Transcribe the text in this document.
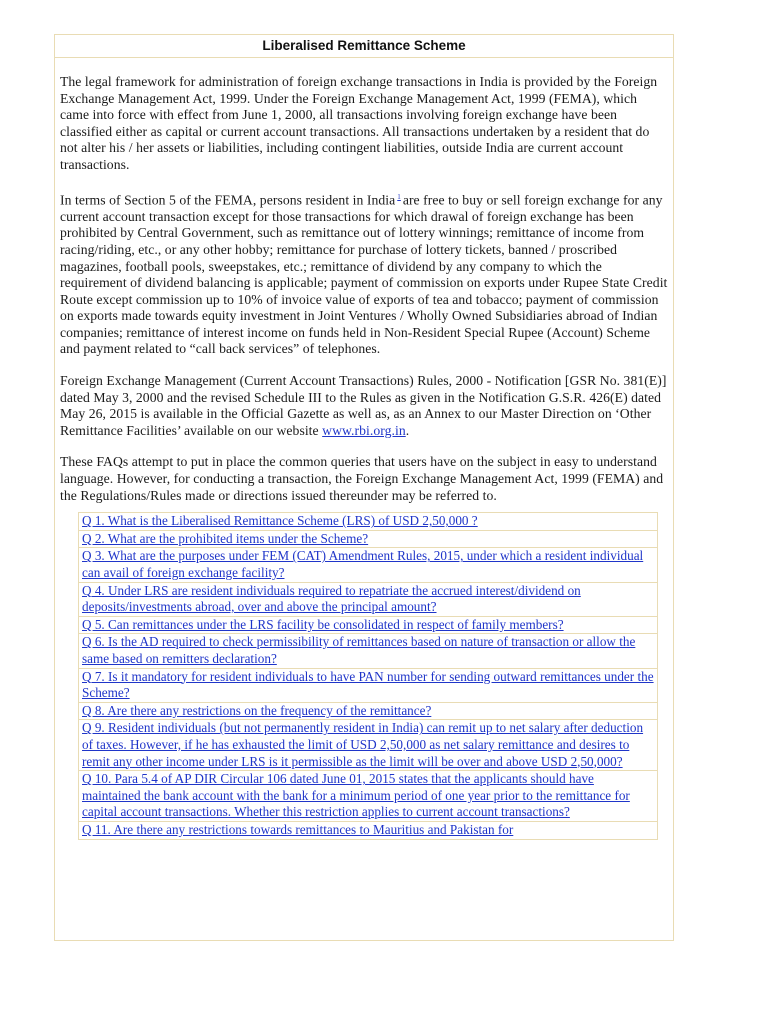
Liberalised Remittance Scheme

The legal framework for administration of foreign exchange transactions in India is provided by the Foreign Exchange Management Act, 1999. Under the Foreign Exchange Management Act, 1999 (FEMA), which came into force with effect from June 1, 2000, all transactions involving foreign exchange have been classified either as capital or current account transactions. All transactions undertaken by a resident that do not alter his / her assets or liabilities, including contingent liabilities, outside India are current account transactions.

In terms of Section 5 of the FEMA, persons resident in India $^1$ are free to buy or sell foreign exchange for any current account transaction except for those transactions for which drawal of foreign exchange has been prohibited by Central Government, such as remittance out of lottery winnings; remittance of income from racing/riding, etc., or any other hobby; remittance for purchase of lottery tickets, banned / proscribed magazines, football pools, sweepstakes, etc.; remittance of dividend by any company to which the requirement of dividend balancing is applicable; payment of commission on exports under Rupee State Credit Route except commission up to 10% of invoice value of exports of tea and tobacco; payment of commission on exports made towards equity investment in Joint Ventures / Wholly Owned Subsidiaries abroad of Indian companies; remittance of interest income on funds held in Non-Resident Special Rupee (Account) Scheme and payment related to “call back services” of telephones.

Foreign Exchange Management (Current Account Transactions) Rules, 2000 - Notification [GSR No. 381(E)] dated May 3, 2000 and the revised Schedule III to the Rules as given in the Notification G.S.R. 426(E) dated May 26, 2015 is available in the Official Gazette as well as, as an Annex to our Master Direction on ‘Other Remittance Facilities’ available on our website www.rbi.org.in.

These FAQs attempt to put in place the common queries that users have on the subject in easy to understand language. However, for conducting a transaction, the Foreign Exchange Management Act, 1999 (FEMA) and the Regulations/Rules made or directions issued thereunder may be referred to.

Q 1. What is the Liberalised Remittance Scheme (LRS) of USD 2,50,000 ?
Q 2. What are the prohibited items under the Scheme?
Q 3. What are the purposes under FEM (CAT) Amendment Rules, 2015, under which a resident individual can avail of foreign exchange facility?
Q 4. Under LRS are resident individuals required to repatriate the accrued interest/dividend on deposits/investments abroad, over and above the principal amount?
Q 5. Can remittances under the LRS facility be consolidated in respect of family members?
Q 6. Is the AD required to check permissibility of remittances based on nature of transaction or allow the same based on remitters declaration?
Q 7. Is it mandatory for resident individuals to have PAN number for sending outward remittances under the Scheme?
Q 8. Are there any restrictions on the frequency of the remittance?
Q 9. Resident individuals (but not permanently resident in India) can remit up to net salary after deduction of taxes. However, if he has exhausted the limit of USD 2,50,000 as net salary remittance and desires to remit any other income under LRS is it permissible as the limit will be over and above USD 2,50,000?
Q 10. Para 5.4 of AP DIR Circular 106 dated June 01, 2015 states that the applicants should have maintained the bank account with the bank for a minimum period of one year prior to the remittance for capital account transactions. Whether this restriction applies to current account transactions?
Q 11. Are there any restrictions towards remittances to Mauritius and Pakistan for
